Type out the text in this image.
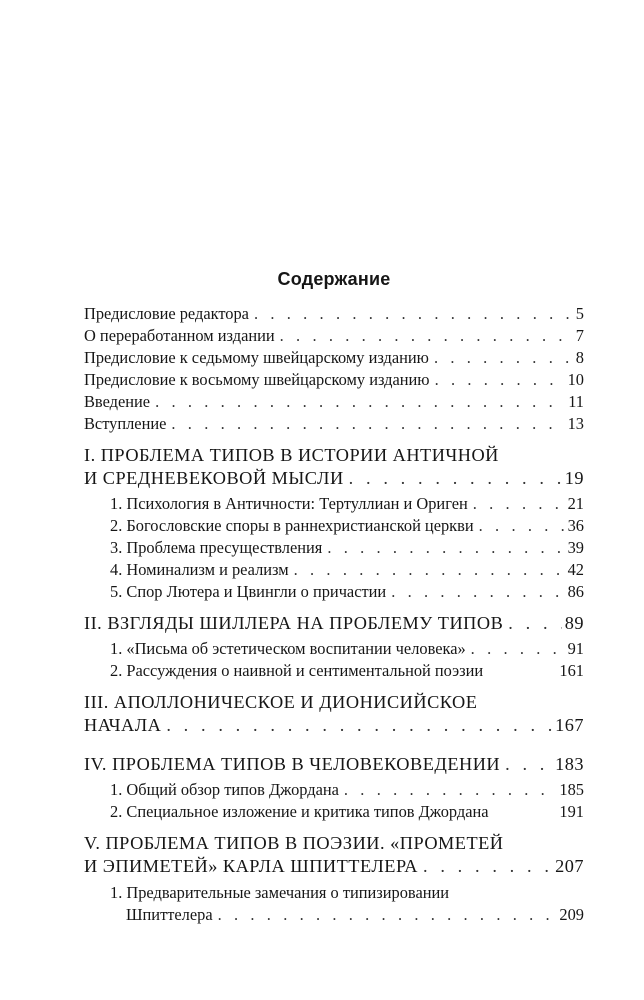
Содержание
Предисловие редактора . . .	5
О переработанном издании . . .	7
Предисловие к седьмому швейцарскому изданию . . .	8
Предисловие к восьмому швейцарскому изданию . . .	10
Введение . . .	11
Вступление . . .	13
I. ПРОБЛЕМА ТИПОВ В ИСТОРИИ АНТИЧНОЙ
И СРЕДНЕВЕКОВОЙ МЫСЛИ . . .	19
1. Психология в Античности: Тертуллиан и Ориген . . .	21
2. Богословские споры в раннехристианской церкви . . .	36
3. Проблема пресуществления . . .	39
4. Номинализм и реализм . . .	42
5. Спор Лютера и Цвингли о причастии . . .	86
II. ВЗГЛЯДЫ ШИЛЛЕРА НА ПРОБЛЕМУ ТИПОВ . . .	89
1. «Письма об эстетическом воспитании человека» . . .	91
2. Рассуждения о наивной и сентиментальной поэзии	161
III. АПОЛЛОНИЧЕСКОЕ И ДИОНИСИЙСКОЕ
НАЧАЛА . . .	167
IV. ПРОБЛЕМА ТИПОВ В ЧЕЛОВЕКОВЕДЕНИИ . . .	183
1. Общий обзор типов Джордана . . .	185
2. Специальное изложение и критика типов Джордана	191
V. ПРОБЛЕМА ТИПОВ В ПОЭЗИИ. «ПРОМЕТЕЙ
И ЭПИМЕТЕЙ» КАРЛА ШПИТТЕЛЕРА . . .	207
1. Предварительные замечания о типизировании
Шпиттелера . . .	209
